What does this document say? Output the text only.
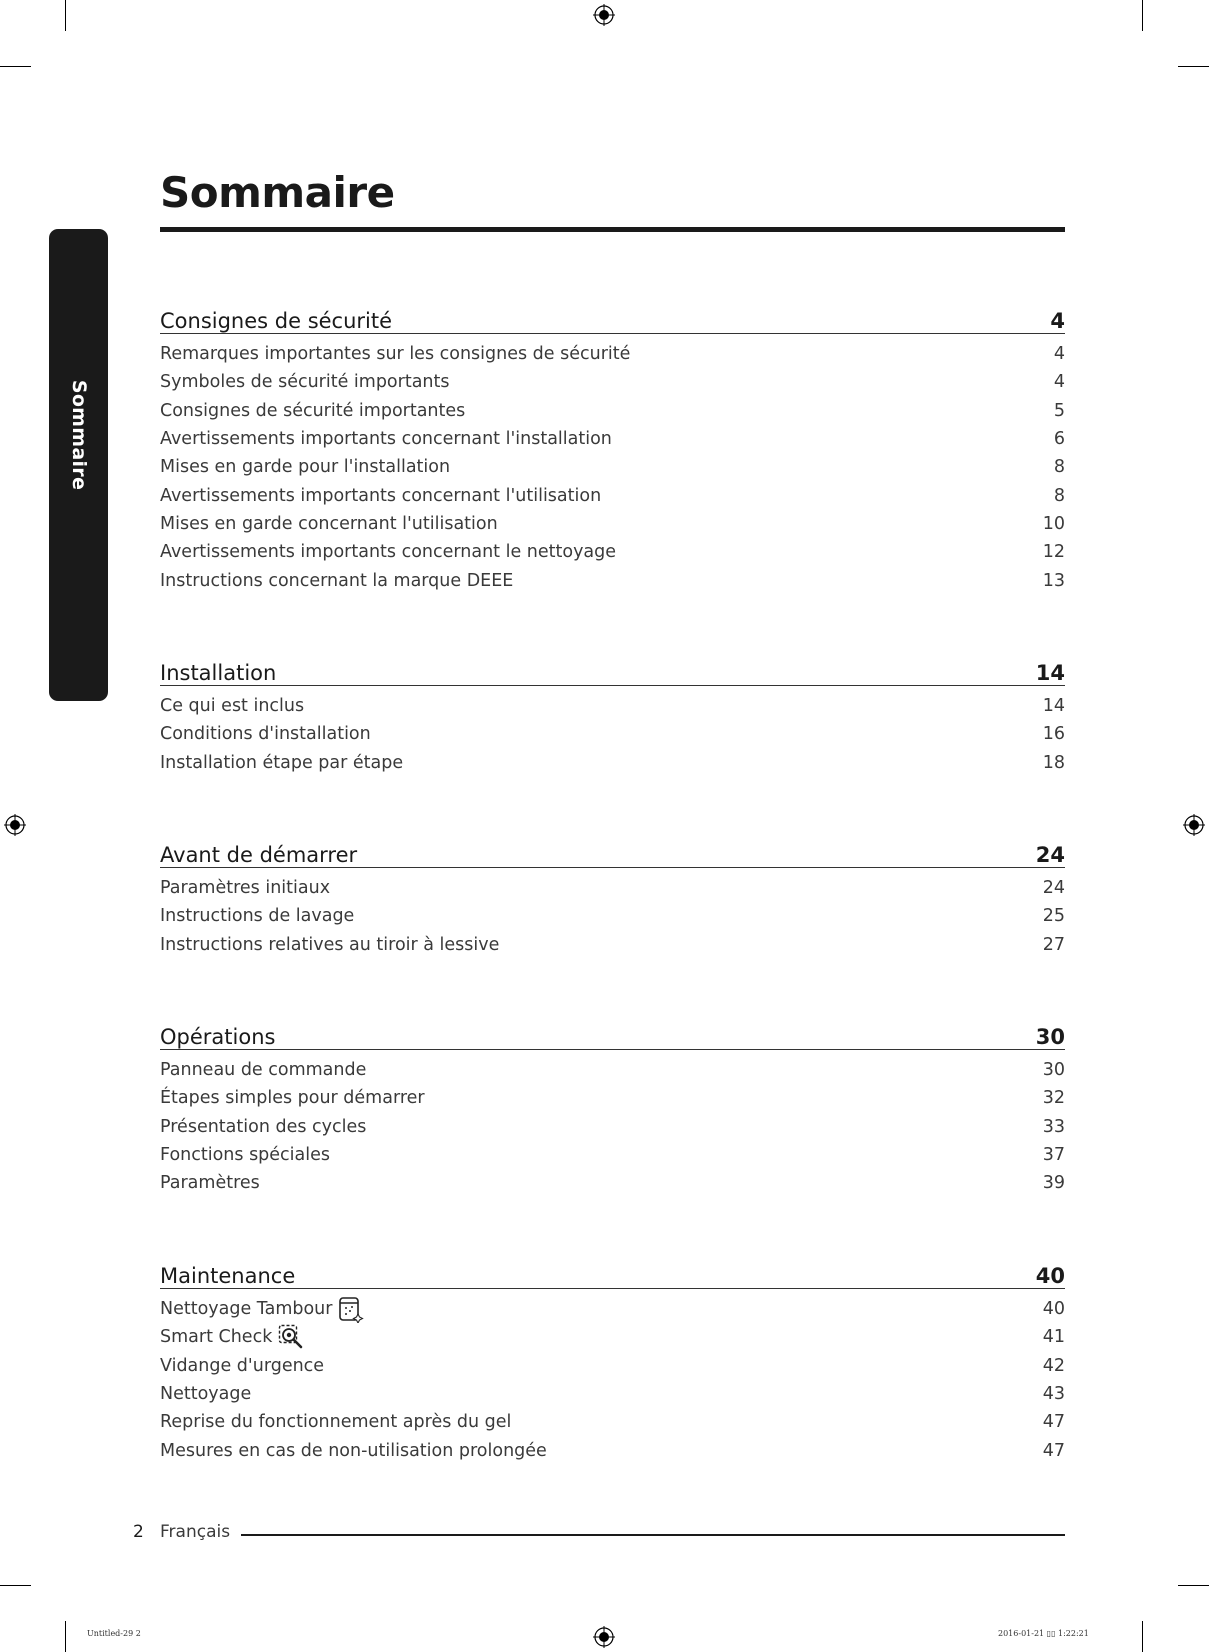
Sommaire
Sommaire
Consignes de sécurité	4
Remarques importantes sur les consignes de sécurité	4
Symboles de sécurité importants	4
Consignes de sécurité importantes	5
Avertissements importants concernant l'installation	6
Mises en garde pour l'installation	8
Avertissements importants concernant l'utilisation	8
Mises en garde concernant l'utilisation	10
Avertissements importants concernant le nettoyage	12
Instructions concernant la marque DEEE	13
Installation	14
Ce qui est inclus	14
Conditions d'installation	16
Installation étape par étape	18
Avant de démarrer	24
Paramètres initiaux	24
Instructions de lavage	25
Instructions relatives au tiroir à lessive	27
Opérations	30
Panneau de commande	30
Étapes simples pour démarrer	32
Présentation des cycles	33
Fonctions spéciales	37
Paramètres	39
Maintenance	40
Nettoyage Tambour	40
Smart Check	41
Vidange d'urgence	42
Nettoyage	43
Reprise du fonctionnement après du gel	47
Mesures en cas de non-utilisation prolongée	47
2 Français
Untitled-29 2	2016-01-21 ▯▯ 1:22:21
